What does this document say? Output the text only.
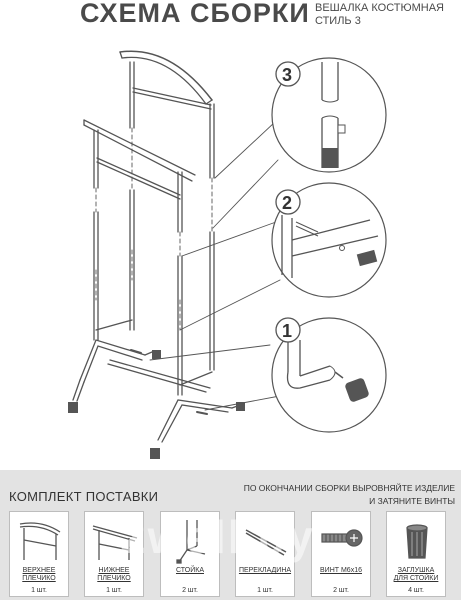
СХЕМА СБОРКИ ВЕШАЛКА КОСТЮМНАЯ
СТИЛЬ 3
3
2
1
КОМПЛЕКТ ПОСТАВКИ
ПО ОКОНЧАНИИ СБОРКИ ВЫРОВНЯЙТЕ ИЗДЕЛИЕ
И ЗАТЯНИТЕ ВИНТЫ
ВЕРХНЕЕ
ПЛЕЧИКО
1 шт.
НИЖНЕЕ
ПЛЕЧИКО
1 шт.
СТОЙКА
2 шт.
ПЕРЕКЛАДИНА
1 шт.
ВИНТ М6х16
2 шт.
ЗАГЛУШКА
ДЛЯ СТОЙКИ
4 шт.
2well.by
